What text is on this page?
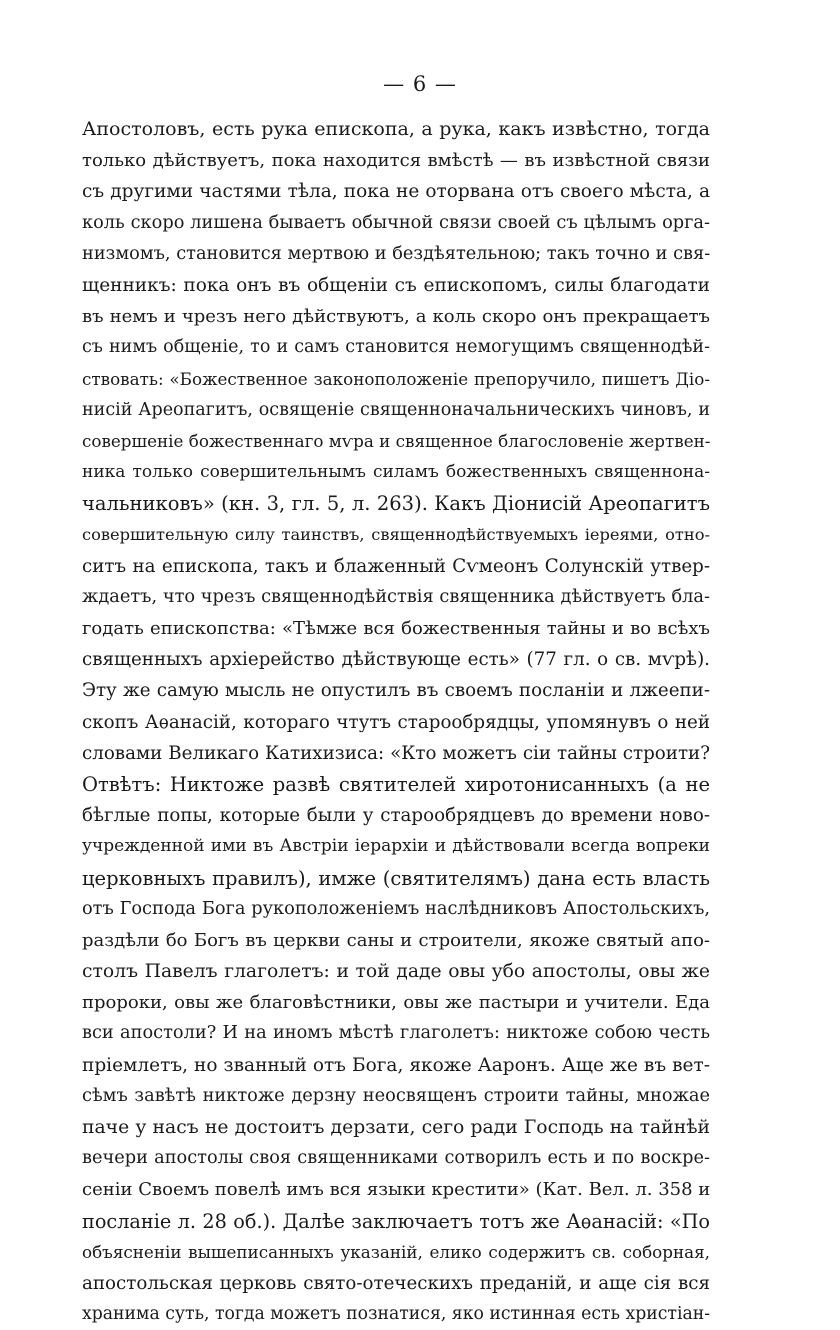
— 6 —
Апостоловъ, есть рука епископа, а рука, какъ извѣстно, тогда
только дѣйствуетъ, пока находится вмѣстѣ — въ извѣстной связи
съ другими частями тѣла, пока не оторвана отъ своего мѣста, а
коль скоро лишена бываетъ обычной связи своей съ цѣлымъ орга-
низмомъ, становится мертвою и бездѣятельною; такъ точно и свя-
щенникъ: пока онъ въ общеніи съ епископомъ, силы благодати
въ немъ и чрезъ него дѣйствуютъ, а коль скоро онъ прекращаетъ
съ нимъ общеніе, то и самъ становится немогущимъ священнодѣй-
ствовать: «Божественное законоположеніе препоручило, пишетъ Діо-
нисій Ареопагитъ, освященіе священноначальническихъ чиновъ, и
совершеніе божественнаго мѵра и священное благословеніе жертвен-
ника только совершительнымъ силамъ божественныхъ священнона-
чальниковъ» (кн. 3, гл. 5, л. 263). Какъ Діонисій Ареопагитъ
совершительную силу таинствъ, священнодѣйствуемыхъ іереями, отно-
ситъ на епископа, такъ и блаженный Сѵмеонъ Солунскій утвер-
ждаетъ, что чрезъ священнодѣйствія священника дѣйствуетъ бла-
годать епископства: «Тѣмже вся божественныя тайны и во всѣхъ
священныхъ архіерейство дѣйствующе есть» (77 гл. о св. мѵрѣ).
Эту же самую мысль не опустилъ въ своемъ посланіи и лжеепи-
скопъ Аѳанасій, котораго чтутъ старообрядцы, упомянувъ о ней
словами Великаго Катихизиса: «Кто можетъ сіи тайны строити?
Отвѣтъ: Никтоже развѣ святителей хиротонисанныхъ (а не
бѣглые попы, которые были у старообрядцевъ до времени ново-
учрежденной ими въ Австріи іерархіи и дѣйствовали всегда вопреки
церковныхъ правилъ), имже (святителямъ) дана есть власть
отъ Господа Бога рукоположеніемъ наслѣдниковъ Апостольскихъ,
раздѣли бо Богъ въ церкви саны и строители, якоже святый апо-
столъ Павелъ глаголетъ: и той даде овы убо апостолы, овы же
пророки, овы же благовѣстники, овы же пастыри и учители. Еда
вси апостоли? И на иномъ мѣстѣ глаголетъ: никтоже собою честь
пріемлетъ, но званный отъ Бога, якоже Ааронъ. Аще же въ вет-
сѣмъ завѣтѣ никтоже дерзну неосвященъ строити тайны, множае
паче у насъ не достоитъ дерзати, сего ради Господь на тайнѣй
вечери апостолы своя священниками сотворилъ есть и по воскре-
сеніи Своемъ повелѣ имъ вся языки крестити» (Кат. Вел. л. 358 и
посланіе л. 28 об.). Далѣе заключаетъ тотъ же Аѳанасій: «По
объясненіи вышеписанныхъ указаній, елико содержитъ св. соборная,
апостольская церковь свято-отеческихъ преданій, и аще сія вся
хранима суть, тогда можетъ познатися, яко истинная есть христіан-
